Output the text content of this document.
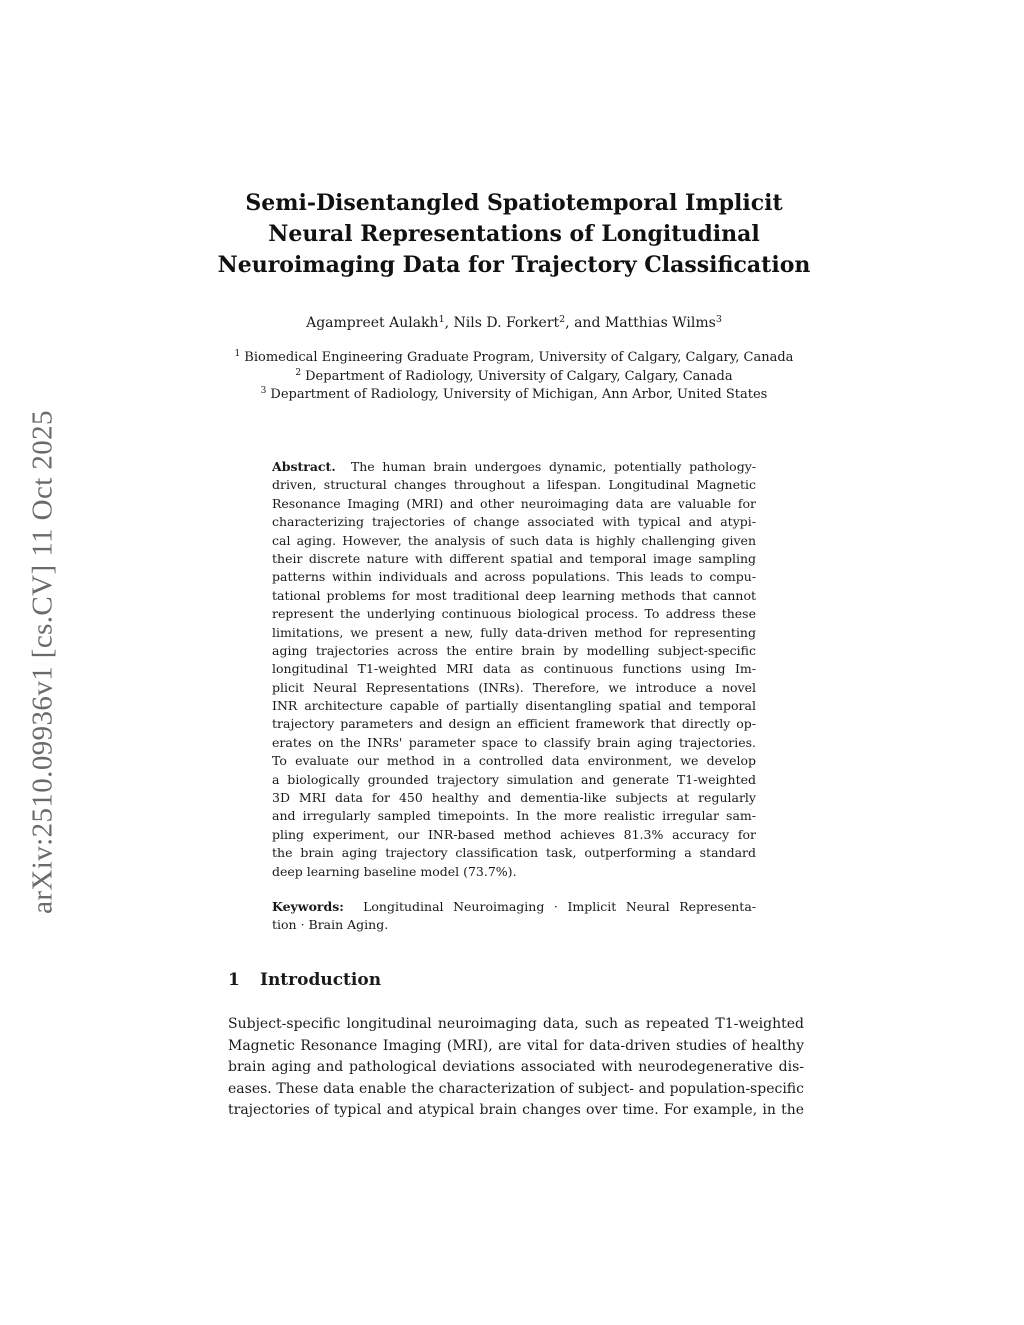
arXiv:2510.09936v1 [cs.CV] 11 Oct 2025
Semi-Disentangled Spatiotemporal Implicit
Neural Representations of Longitudinal
Neuroimaging Data for Trajectory Classification
Agampreet Aulakh$^1$, Nils D. Forkert$^2$, and Matthias Wilms$^3$
$^1$ Biomedical Engineering Graduate Program, University of Calgary, Calgary, Canada
$^2$ Department of Radiology, University of Calgary, Calgary, Canada
$^3$ Department of Radiology, University of Michigan, Ann Arbor, United States
Abstract. The human brain undergoes dynamic, potentially pathology-
driven, structural changes throughout a lifespan. Longitudinal Magnetic
Resonance Imaging (MRI) and other neuroimaging data are valuable for
characterizing trajectories of change associated with typical and atypi-
cal aging. However, the analysis of such data is highly challenging given
their discrete nature with different spatial and temporal image sampling
patterns within individuals and across populations. This leads to compu-
tational problems for most traditional deep learning methods that cannot
represent the underlying continuous biological process. To address these
limitations, we present a new, fully data-driven method for representing
aging trajectories across the entire brain by modelling subject-specific
longitudinal T1-weighted MRI data as continuous functions using Im-
plicit Neural Representations (INRs). Therefore, we introduce a novel
INR architecture capable of partially disentangling spatial and temporal
trajectory parameters and design an efficient framework that directly op-
erates on the INRs' parameter space to classify brain aging trajectories.
To evaluate our method in a controlled data environment, we develop
a biologically grounded trajectory simulation and generate T1-weighted
3D MRI data for 450 healthy and dementia-like subjects at regularly
and irregularly sampled timepoints. In the more realistic irregular sam-
pling experiment, our INR-based method achieves 81.3% accuracy for
the brain aging trajectory classification task, outperforming a standard
deep learning baseline model (73.7%).
Keywords: Longitudinal Neuroimaging · Implicit Neural Representa-
tion · Brain Aging.
1 Introduction
Subject-specific longitudinal neuroimaging data, such as repeated T1-weighted
Magnetic Resonance Imaging (MRI), are vital for data-driven studies of healthy
brain aging and pathological deviations associated with neurodegenerative dis-
eases. These data enable the characterization of subject- and population-specific
trajectories of typical and atypical brain changes over time. For example, in the
